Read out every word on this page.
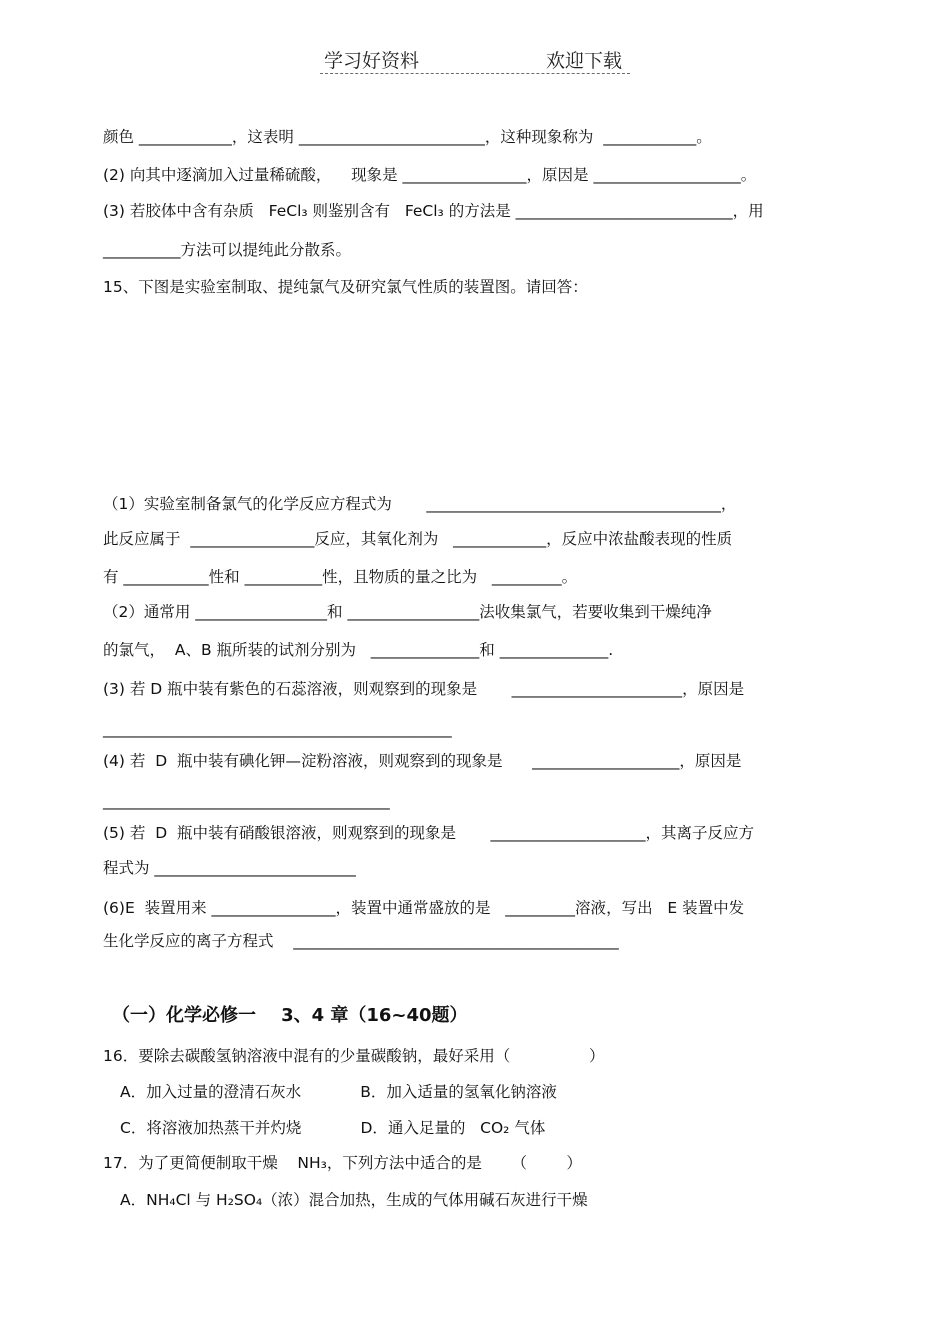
学习好资料	欢迎下载
颜色 ____________，这表明 ________________________，这种现象称为  ____________。
(2) 向其中逐滴加入过量稀硫酸，    现象是 ________________，原因是 ___________________。
(3) 若胶体中含有杂质   FeCl₃ 则鉴别含有   FeCl₃ 的方法是 ____________________________，用
__________方法可以提纯此分散系。
15、下图是实验室制取、提纯氯气及研究氯气性质的装置图。请回答：
（1）实验室制备氯气的化学反应方程式为       ______________________________________，
此反应属于  ________________反应，其氧化剂为   ____________，反应中浓盐酸表现的性质
有 ___________性和 __________性，且物质的量之比为   _________。
（2）通常用 _________________和 _________________法收集氯气，若要收集到干燥纯净
的氯气，  A、B 瓶所装的试剂分别为   ______________和 ______________.
(3) 若 D 瓶中装有紫色的石蕊溶液，则观察到的现象是       ______________________，原因是
_____________________________________________
(4) 若  D  瓶中装有碘化钾—淀粉溶液，则观察到的现象是      ___________________，原因是
_____________________________________
(5) 若  D  瓶中装有硝酸银溶液，则观察到的现象是       ____________________，其离子反应方
程式为 __________________________
(6)E  装置用来 ________________，装置中通常盛放的是   _________溶液，写出   E 装置中发
生化学反应的离子方程式    __________________________________________
（一）化学必修一    3、4 章（16~40题）
16．要除去碳酸氢钠溶液中混有的少量碳酸钠，最好采用（                ）
A．加入过量的澄清石灰水            B．加入适量的氢氧化钠溶液
C．将溶液加热蒸干并灼烧            D．通入足量的   CO₂ 气体
17．为了更简便制取干燥    NH₃，下列方法中适合的是      （        ）
A．NH₄Cl 与 H₂SO₄（浓）混合加热，生成的气体用碱石灰进行干燥
